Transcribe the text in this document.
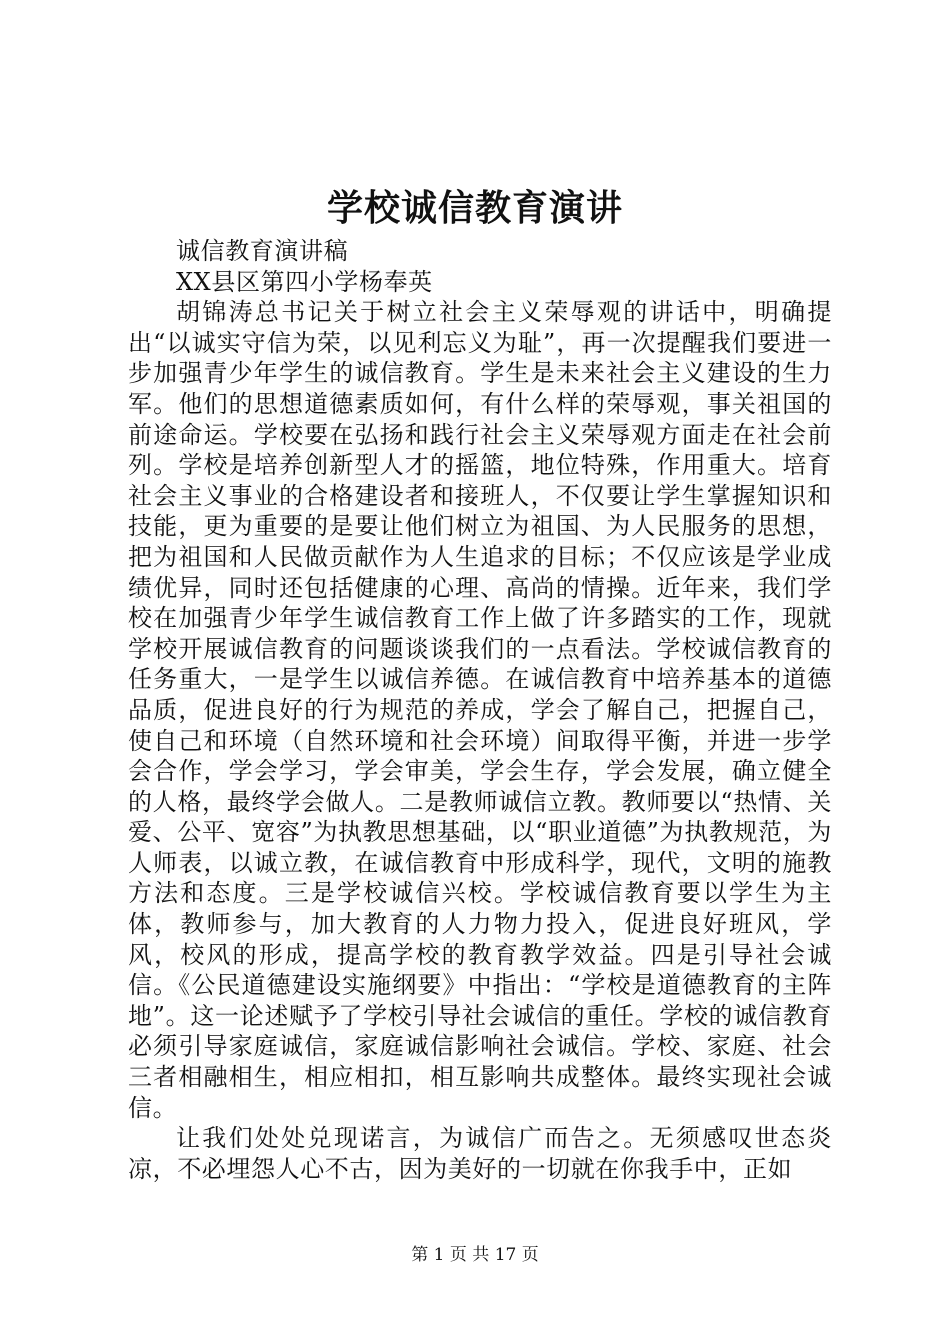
学校诚信教育演讲

诚信教育演讲稿

XX县区第四小学杨奉英

胡锦涛总书记关于树立社会主义荣辱观的讲话中，明确提出“以诚实守信为荣，以见利忘义为耻”，再一次提醒我们要进一步加强青少年学生的诚信教育。学生是未来社会主义建设的生力军。他们的思想道德素质如何，有什么样的荣辱观，事关祖国的前途命运。学校要在弘扬和践行社会主义荣辱观方面走在社会前列。学校是培养创新型人才的摇篮，地位特殊，作用重大。培育社会主义事业的合格建设者和接班人，不仅要让学生掌握知识和技能，更为重要的是要让他们树立为祖国、为人民服务的思想，把为祖国和人民做贡献作为人生追求的目标；不仅应该是学业成绩优异，同时还包括健康的心理、高尚的情操。近年来，我们学校在加强青少年学生诚信教育工作上做了许多踏实的工作，现就学校开展诚信教育的问题谈谈我们的一点看法。学校诚信教育的任务重大，一是学生以诚信养德。在诚信教育中培养基本的道德品质，促进良好的行为规范的养成，学会了解自己，把握自己，使自己和环境（自然环境和社会环境）间取得平衡，并进一步学会合作，学会学习，学会审美，学会生存，学会发展，确立健全的人格，最终学会做人。二是教师诚信立教。教师要以“热情、关爱、公平、宽容”为执教思想基础，以“职业道德”为执教规范，为人师表，以诚立教，在诚信教育中形成科学，现代，文明的施教方法和态度。三是学校诚信兴校。学校诚信教育要以学生为主体，教师参与，加大教育的人力物力投入，促进良好班风，学风，校风的形成，提高学校的教育教学效益。四是引导社会诚信。《公民道德建设实施纲要》中指出：“学校是道德教育的主阵地”。这一论述赋予了学校引导社会诚信的重任。学校的诚信教育必须引导家庭诚信，家庭诚信影响社会诚信。学校、家庭、社会三者相融相生，相应相扣，相互影响共成整体。最终实现社会诚信。

让我们处处兑现诺言，为诚信广而告之。无须感叹世态炎凉，不必埋怨人心不古，因为美好的一切就在你我手中，正如

第 1 页 共 17 页
